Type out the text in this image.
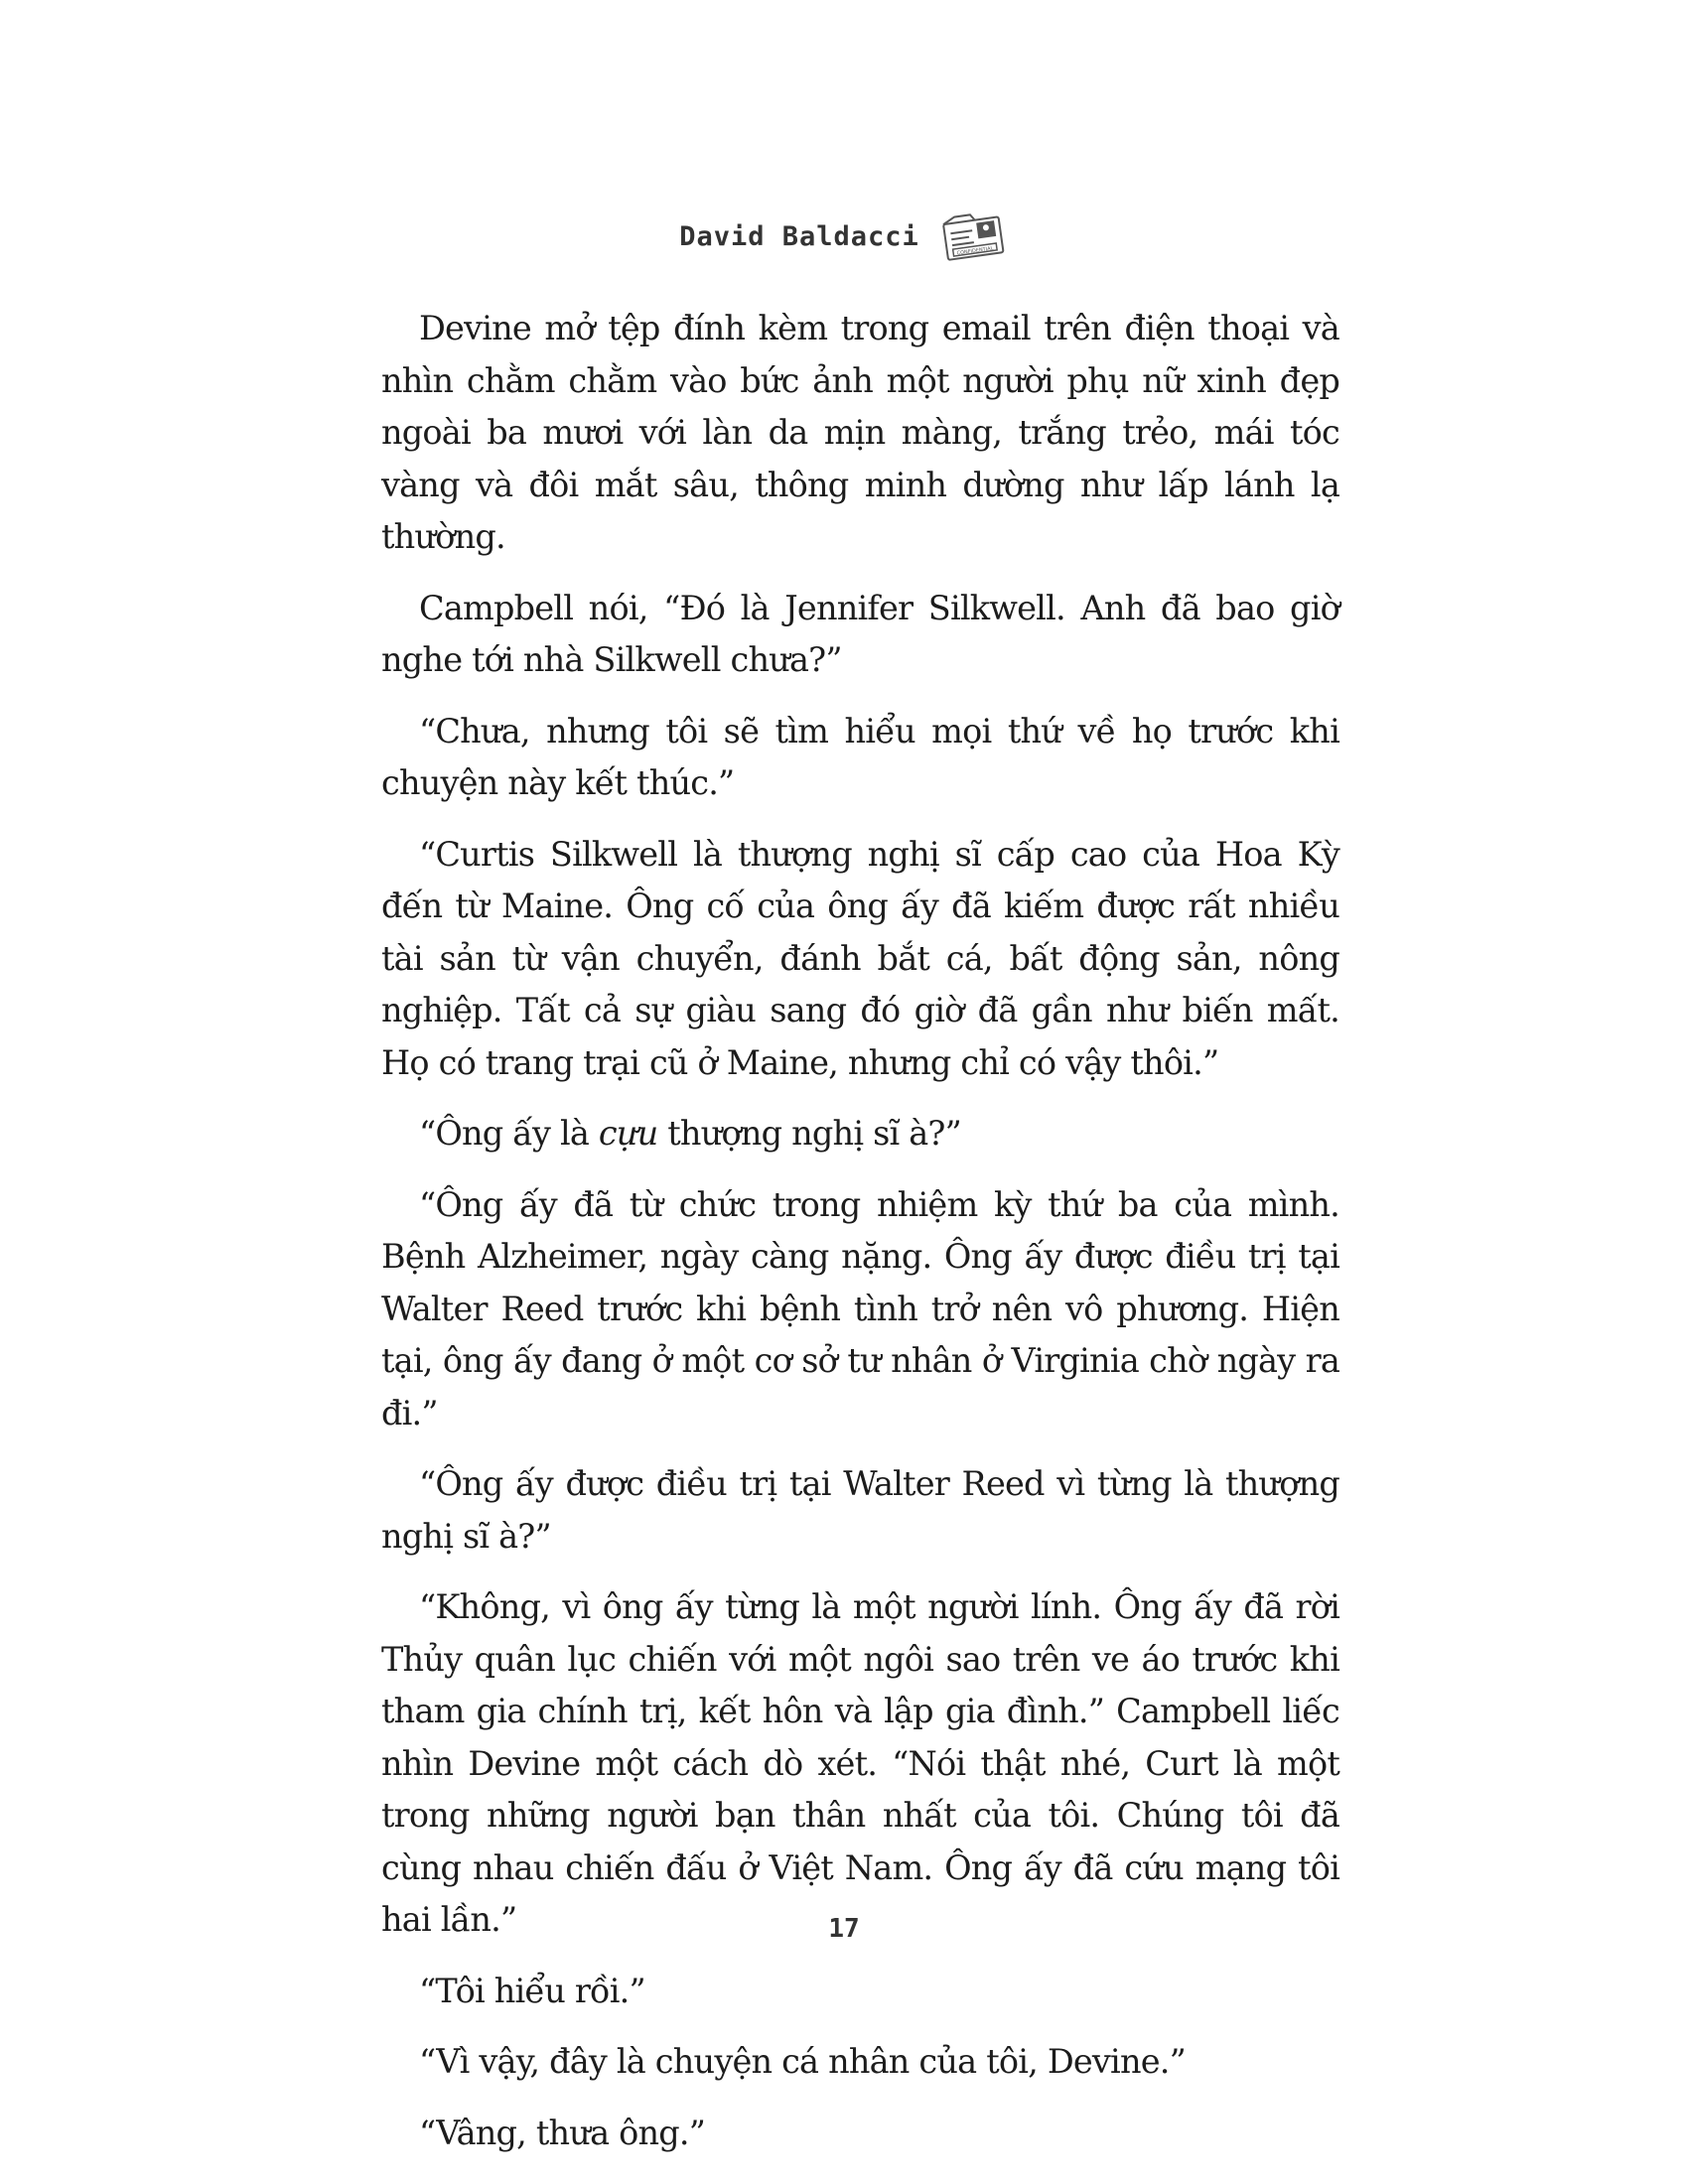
David Baldacci	CONFIDENTIAL

Devine mở tệp đính kèm trong email trên điện thoại và nhìn chằm chằm vào bức ảnh một người phụ nữ xinh đẹp ngoài ba mươi với làn da mịn màng, trắng trẻo, mái tóc vàng và đôi mắt sâu, thông minh dường như lấp lánh lạ thường.

Campbell nói, “Đó là Jennifer Silkwell. Anh đã bao giờ nghe tới nhà Silkwell chưa?”

“Chưa, nhưng tôi sẽ tìm hiểu mọi thứ về họ trước khi chuyện này kết thúc.”

“Curtis Silkwell là thượng nghị sĩ cấp cao của Hoa Kỳ đến từ Maine. Ông cố của ông ấy đã kiếm được rất nhiều tài sản từ vận chuyển, đánh bắt cá, bất động sản, nông nghiệp. Tất cả sự giàu sang đó giờ đã gần như biến mất. Họ có trang trại cũ ở Maine, nhưng chỉ có vậy thôi.”

“Ông ấy là cựu thượng nghị sĩ à?”

“Ông ấy đã từ chức trong nhiệm kỳ thứ ba của mình. Bệnh Alzheimer, ngày càng nặng. Ông ấy được điều trị tại Walter Reed trước khi bệnh tình trở nên vô phương. Hiện tại, ông ấy đang ở một cơ sở tư nhân ở Virginia chờ ngày ra đi.”

“Ông ấy được điều trị tại Walter Reed vì từng là thượng nghị sĩ à?”

“Không, vì ông ấy từng là một người lính. Ông ấy đã rời Thủy quân lục chiến với một ngôi sao trên ve áo trước khi tham gia chính trị, kết hôn và lập gia đình.” Campbell liếc nhìn Devine một cách dò xét. “Nói thật nhé, Curt là một trong những người bạn thân nhất của tôi. Chúng tôi đã cùng nhau chiến đấu ở Việt Nam. Ông ấy đã cứu mạng tôi hai lần.”

“Tôi hiểu rồi.”

“Vì vậy, đây là chuyện cá nhân của tôi, Devine.”

“Vâng, thưa ông.”

17
